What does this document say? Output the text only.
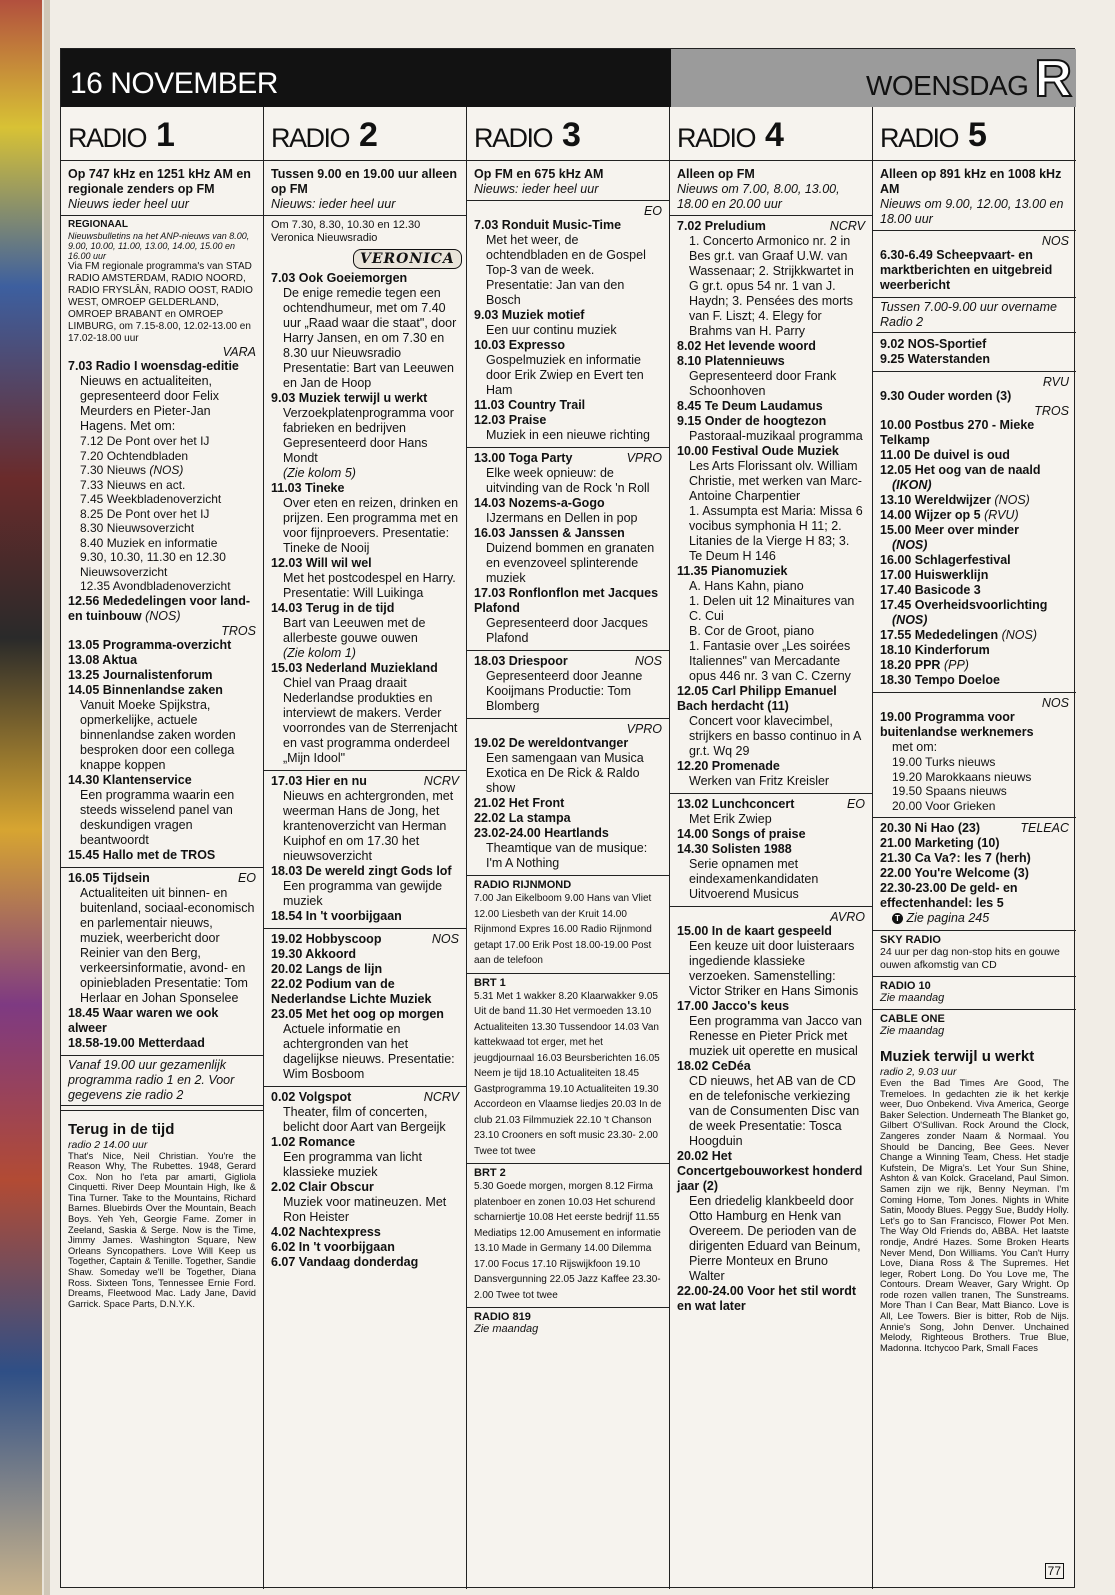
16 NOVEMBER	WOENSDAG R
RADIO 1
Op 747 kHz en 1251 kHz AM en regionale zenders op FM
Nieuws ieder heel uur
REGIONAAL
Nieuwsbulletins na het ANP-nieuws van 8.00, 9.00, 10.00, 11.00, 13.00, 14.00, 15.00 en 16.00 uur
Via FM regionale programma's van STAD RADIO AMSTERDAM, RADIO NOORD, RADIO FRYSLÂN, RADIO OOST, RADIO WEST, OMROEP GELDERLAND, OMROEP BRABANT en OMROEP LIMBURG, om 7.15-8.00, 12.02-13.00 en 17.02-18.00 uur
VARA
7.03 Radio I woensdag-editie
Nieuws en actualiteiten, gepresenteerd door Felix Meurders en Pieter-Jan Hagens. Met om:
7.12 De Pont over het IJ
7.20 Ochtendbladen
7.30 Nieuws (NOS)
7.33 Nieuws en act.
7.45 Weekbladenoverzicht
8.25 De Pont over het IJ
8.30 Nieuwsoverzicht
8.40 Muziek en informatie
9.30, 10.30, 11.30 en 12.30 Nieuwsoverzicht
12.35 Avondbladenoverzicht
12.56 Mededelingen voor land- en tuinbouw (NOS)
TROS
13.05 Programma-overzicht
13.08 Aktua
13.25 Journalistenforum
14.05 Binnenlandse zaken
Vanuit Moeke Spijkstra, opmerkelijke, actuele binnenlandse zaken worden besproken door een collega knappe koppen
14.30 Klantenservice
Een programma waarin een steeds wisselend panel van deskundigen vragen beantwoordt
15.45 Hallo met de TROS
16.05 Tijdsein	EO
Actualiteiten uit binnen- en buitenland, sociaal-economisch en parlementair nieuws, muziek, weerbericht door Reinier van den Berg, verkeersinformatie, avond- en opiniebladen Presentatie: Tom Herlaar en Johan Sponselee
18.45 Waar waren we ook alweer
18.58-19.00 Metterdaad
Vanaf 19.00 uur gezamenlijk programma radio 1 en 2. Voor gegevens zie radio 2
Terug in de tijd
radio 2 14.00 uur
That's Nice, Neil Christian. You're the Reason Why, The Rubettes. 1948, Gerard Cox. Non ho l'eta par amarti, Gigliola Cinquetti. River Deep Mountain High, Ike & Tina Turner. Take to the Mountains, Richard Barnes. Bluebirds Over the Mountain, Beach Boys. Yeh Yeh, Georgie Fame. Zomer in Zeeland, Saskia & Serge. Now is the Time, Jimmy James. Washington Square, New Orleans Syncopathers. Love Will Keep us Together, Captain & Tenille. Together, Sandie Shaw. Someday we'll be Together, Diana Ross. Sixteen Tons, Tennessee Ernie Ford. Dreams, Fleetwood Mac. Lady Jane, David Garrick. Space Parts, D.N.Y.K.
RADIO 2
Tussen 9.00 en 19.00 uur alleen op FM
Nieuws: ieder heel uur
Om 7.30, 8.30, 10.30 en 12.30 Veronica Nieuwsradio
VERONICA
7.03 Ook Goeiemorgen
De enige remedie tegen een ochtendhumeur, met om 7.40 uur „Raad waar die staat", door Harry Jansen, en om 7.30 en 8.30 uur Nieuwsradio Presentatie: Bart van Leeuwen en Jan de Hoop
9.03 Muziek terwijl u werkt
Verzoekplatenprogramma voor fabrieken en bedrijven Gepresenteerd door Hans Mondt
(Zie kolom 5)
11.03 Tineke
Over eten en reizen, drinken en prijzen. Een programma met en voor fijnproevers. Presentatie: Tineke de Nooij
12.03 Will wil wel
Met het postcodespel en Harry. Presentatie: Will Luikinga
14.03 Terug in de tijd
Bart van Leeuwen met de allerbeste gouwe ouwen
(Zie kolom 1)
15.03 Nederland Muziekland
Chiel van Praag draait Nederlandse produkties en interviewt de makers. Verder voorrondes van de Sterrenjacht en vast programma onderdeel „Mijn Idool"
17.03 Hier en nu	NCRV
Nieuws en achtergronden, met weerman Hans de Jong, het krantenoverzicht van Herman Kuiphof en om 17.30 het nieuwsoverzicht
18.03 De wereld zingt Gods lof
Een programma van gewijde muziek
18.54 In 't voorbijgaan
19.02 Hobbyscoop	NOS
19.30 Akkoord
20.02 Langs de lijn
22.02 Podium van de Nederlandse Lichte Muziek
23.05 Met het oog op morgen
Actuele informatie en achtergronden van het dagelijkse nieuws. Presentatie: Wim Bosboom
0.02 Volgspot	NCRV
Theater, film of concerten, belicht door Aart van Bergeijk
1.02 Romance
Een programma van licht klassieke muziek
2.02 Clair Obscur
Muziek voor matineuzen. Met Ron Heister
4.02 Nachtexpress
6.02 In 't voorbijgaan
6.07 Vandaag donderdag
RADIO 3
Op FM en 675 kHz AM
Nieuws: ieder heel uur
EO
7.03 Ronduit Music-Time
Met het weer, de ochtendbladen en de Gospel Top-3 van de week. Presentatie: Jan van den Bosch
9.03 Muziek motief
Een uur continu muziek
10.03 Expresso
Gospelmuziek en informatie door Erik Zwiep en Evert ten Ham
11.03 Country Trail
12.03 Praise
Muziek in een nieuwe richting
13.00 Toga Party	VPRO
Elke week opnieuw: de uitvinding van de Rock 'n Roll
14.03 Nozems-a-Gogo
IJzermans en Dellen in pop
16.03 Janssen & Janssen
Duizend bommen en granaten en evenzoveel splinterende muziek
17.03 Ronflonflon met Jacques Plafond
Gepresenteerd door Jacques Plafond
18.03 Driespoor	NOS
Gepresenteerd door Jeanne Kooijmans Productie: Tom Blomberg
VPRO
19.02 De wereldontvanger
Een samengaan van Musica Exotica en De Rick & Raldo show
21.02 Het Front
22.02 La stampa
23.02-24.00 Heartlands
Theamtique van de musique: I'm A Nothing
RADIO RIJNMOND
7.00 Jan Eikelboom 9.00 Hans van Vliet 12.00 Liesbeth van der Kruit 14.00 Rijnmond Expres 16.00 Radio Rijnmond getapt 17.00 Erik Post 18.00-19.00 Post aan de telefoon
BRT 1
5.31 Met 1 wakker 8.20 Klaarwakker 9.05 Uit de band 11.30 Het vermoeden 13.10 Actualiteiten 13.30 Tussendoor 14.03 Van kattekwaad tot erger, met het jeugdjournaal 16.03 Beursberichten 16.05 Neem je tijd 18.10 Actualiteiten 18.45 Gastprogramma 19.10 Actualiteiten 19.30 Accordeon en Vlaamse liedjes 20.03 In de club 21.03 Filmmuziek 22.10 't Chanson 23.10 Crooners en soft music 23.30- 2.00 Twee tot twee
BRT 2
5.30 Goede morgen, morgen 8.12 Firma platenboer en zonen 10.03 Het schurend scharniertje 10.08 Het eerste bedrijf 11.55 Mediatips 12.00 Amusement en informatie 13.10 Made in Germany 14.00 Dilemma 17.00 Focus 17.10 Rijswijkfoon 19.10 Dansvergunning 22.05 Jazz Kaffee 23.30-2.00 Twee tot twee
RADIO 819
Zie maandag
RADIO 4
Alleen op FM
Nieuws om 7.00, 8.00, 13.00, 18.00 en 20.00 uur
7.02 Preludium	NCRV
1. Concerto Armonico nr. 2 in Bes gr.t. van Graaf U.W. van Wassenaar; 2. Strijkkwartet in G gr.t. opus 54 nr. 1 van J. Haydn; 3. Pensées des morts van F. Liszt; 4. Elegy for Brahms van H. Parry
8.02 Het levende woord
8.10 Platennieuws
Gepresenteerd door Frank Schoonhoven
8.45 Te Deum Laudamus
9.15 Onder de hoogtezon
Pastoraal-muzikaal programma
10.00 Festival Oude Muziek
Les Arts Florissant olv. William Christie, met werken van Marc-Antoine Charpentier
1. Assumpta est Maria: Missa 6 vocibus symphonia H 11; 2. Litanies de la Vierge H 83; 3. Te Deum H 146
11.35 Pianomuziek
A. Hans Kahn, piano
1. Delen uit 12 Minaitures van C. Cui
B. Cor de Groot, piano
1. Fantasie over „Les soirées Italiennes" van Mercadante opus 446 nr. 3 van C. Czerny
12.05 Carl Philipp Emanuel Bach herdacht (11)
Concert voor klavecimbel, strijkers en basso continuo in A gr.t. Wq 29
12.20 Promenade
Werken van Fritz Kreisler
13.02 Lunchconcert	EO
Met Erik Zwiep
14.00 Songs of praise
14.30 Solisten 1988
Serie opnamen met eindexamenkandidaten Uitvoerend Musicus
AVRO
15.00 In de kaart gespeeld
Een keuze uit door luisteraars ingediende klassieke verzoeken. Samenstelling: Victor Striker en Hans Simonis
17.00 Jacco's keus
Een programma van Jacco van Renesse en Pieter Prick met muziek uit operette en musical
18.02 CeDéa
CD nieuws, het AB van de CD en de telefonische verkiezing van de Consumenten Disc van de week Presentatie: Tosca Hoogduin
20.02 Het Concertgebouworkest honderd jaar (2)
Een driedelig klankbeeld door Otto Hamburg en Henk van Overeem. De perioden van de dirigenten Eduard van Beinum, Pierre Monteux en Bruno Walter
22.00-24.00 Voor het stil wordt en wat later
RADIO 5
Alleen op 891 kHz en 1008 kHz AM
Nieuws om 9.00, 12.00, 13.00 en 18.00 uur
NOS
6.30-6.49 Scheepvaart- en marktberichten en uitgebreid weerbericht
Tussen 7.00-9.00 uur overname Radio 2
9.02 NOS-Sportief
9.25 Waterstanden
RVU
9.30 Ouder worden (3)
TROS
10.00 Postbus 270 - Mieke Telkamp
11.00 De duivel is oud
12.05 Het oog van de naald
(IKON)
13.10 Wereldwijzer (NOS)
14.00 Wijzer op 5 (RVU)
15.00 Meer over minder
(NOS)
16.00 Schlagerfestival
17.00 Huiswerklijn
17.40 Basicode 3
17.45 Overheidsvoorlichting
(NOS)
17.55 Mededelingen (NOS)
18.10 Kinderforum
18.20 PPR (PP)
18.30 Tempo Doeloe
NOS
19.00 Programma voor buitenlandse werknemers
met om:
19.00 Turks nieuws
19.20 Marokkaans nieuws
19.50 Spaans nieuws
20.00 Voor Grieken
20.30 Ni Hao (23)	TELEAC
21.00 Marketing (10)
21.30 Ca Va?: les 7 (herh)
22.00 You're Welcome (3)
22.30-23.00 De geld- en effectenhandel: les 5
T Zie pagina 245
SKY RADIO
24 uur per dag non-stop hits en gouwe ouwen afkomstig van CD
RADIO 10
Zie maandag
CABLE ONE
Zie maandag
Muziek terwijl u werkt
radio 2, 9.03 uur
Even the Bad Times Are Good, The Tremeloes. In gedachten zie ik het kerkje weer, Duo Onbekend. Viva America, George Baker Selection. Underneath The Blanket go, Gilbert O'Sullivan. Rock Around the Clock, Zangeres zonder Naam & Normaal. You Should be Dancing, Bee Gees. Never Change a Winning Team, Chess. Het stadje Kufstein, De Migra's. Let Your Sun Shine, Ashton & van Kolck. Graceland, Paul Simon. Samen zijn we rijk, Benny Neyman. I'm Coming Home, Tom Jones. Nights in White Satin, Moody Blues. Peggy Sue, Buddy Holly. Let's go to San Francisco, Flower Pot Men. The Way Old Friends do, ABBA. Het laatste rondje, André Hazes. Some Broken Hearts Never Mend, Don Williams. You Can't Hurry Love, Diana Ross & The Supremes. Het leger, Robert Long. Do You Love me, The Contours. Dream Weaver, Gary Wright. Op rode rozen vallen tranen, The Sunstreams. More Than I Can Bear, Matt Bianco. Love is All, Lee Towers. Bier is bitter, Rob de Nijs. Annie's Song, John Denver. Unchained Melody, Righteous Brothers. True Blue, Madonna. Itchycoo Park, Small Faces
77
